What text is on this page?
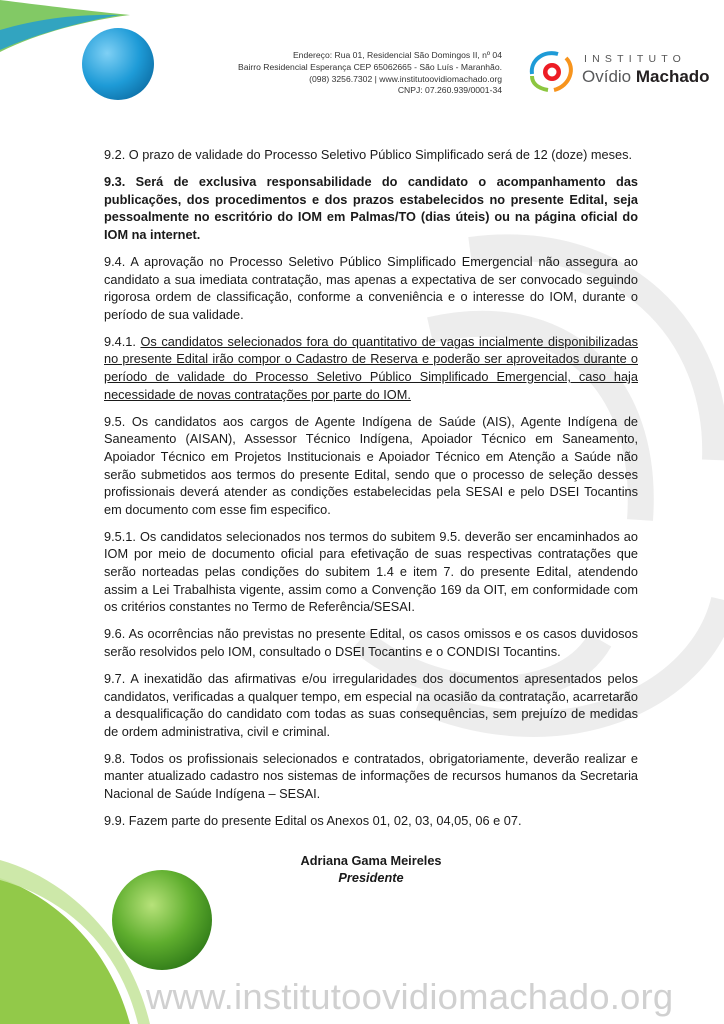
Endereço: Rua 01, Residencial São Domingos II, nº 04
Bairro Residencial Esperança CEP 65062665 - São Luís - Maranhão.
(098) 3256.7302 | www.institutoovidiomachado.org
CNPJ: 07.260.939/0001-34
INSTITUTO
Ovídio Machado

9.2. O prazo de validade do Processo Seletivo Público Simplificado será de 12 (doze) meses.

9.3. Será de exclusiva responsabilidade do candidato o acompanhamento das publicações, dos procedimentos e dos prazos estabelecidos no presente Edital, seja pessoalmente no escritório do IOM em Palmas/TO (dias úteis) ou na página oficial do IOM na internet.

9.4. A aprovação no Processo Seletivo Público Simplificado Emergencial não assegura ao candidato a sua imediata contratação, mas apenas a expectativa de ser convocado seguindo rigorosa ordem de classificação, conforme a conveniência e o interesse do IOM, durante o período de sua validade.

9.4.1. Os candidatos selecionados fora do quantitativo de vagas incialmente disponibilizadas no presente Edital irão compor o Cadastro de Reserva e poderão ser aproveitados durante o período de validade do Processo Seletivo Público Simplificado Emergencial, caso haja necessidade de novas contratações por parte do IOM.

9.5. Os candidatos aos cargos de Agente Indígena de Saúde (AIS), Agente Indígena de Saneamento (AISAN), Assessor Técnico Indígena, Apoiador Técnico em Saneamento, Apoiador Técnico em Projetos Institucionais e Apoiador Técnico em Atenção a Saúde não serão submetidos aos termos do presente Edital, sendo que o processo de seleção desses profissionais deverá atender as condições estabelecidas pela SESAI e pelo DSEI Tocantins em documento com esse fim especifico.

9.5.1. Os candidatos selecionados nos termos do subitem 9.5. deverão ser encaminhados ao IOM por meio de documento oficial para efetivação de suas respectivas contratações que serão norteadas pelas condições do subitem 1.4 e item 7. do presente Edital, atendendo assim a Lei Trabalhista vigente, assim como a Convenção 169 da OIT, em conformidade com os critérios constantes no Termo de Referência/SESAI.

9.6. As ocorrências não previstas no presente Edital, os casos omissos e os casos duvidosos serão resolvidos pelo IOM, consultado o DSEI Tocantins e o CONDISI Tocantins.

9.7. A inexatidão das afirmativas e/ou irregularidades dos documentos apresentados pelos candidatos, verificadas a qualquer tempo, em especial na ocasião da contratação, acarretarão a desqualificação do candidato com todas as suas consequências, sem prejuízo de medidas de ordem administrativa, civil e criminal.

9.8. Todos os profissionais selecionados e contratados, obrigatoriamente, deverão realizar e manter atualizado cadastro nos sistemas de informações de recursos humanos da Secretaria Nacional de Saúde Indígena – SESAI.

9.9. Fazem parte do presente Edital os Anexos 01, 02, 03, 04,05, 06 e 07.

Adriana Gama Meireles
Presidente
www.institutoovidiomachado.org
